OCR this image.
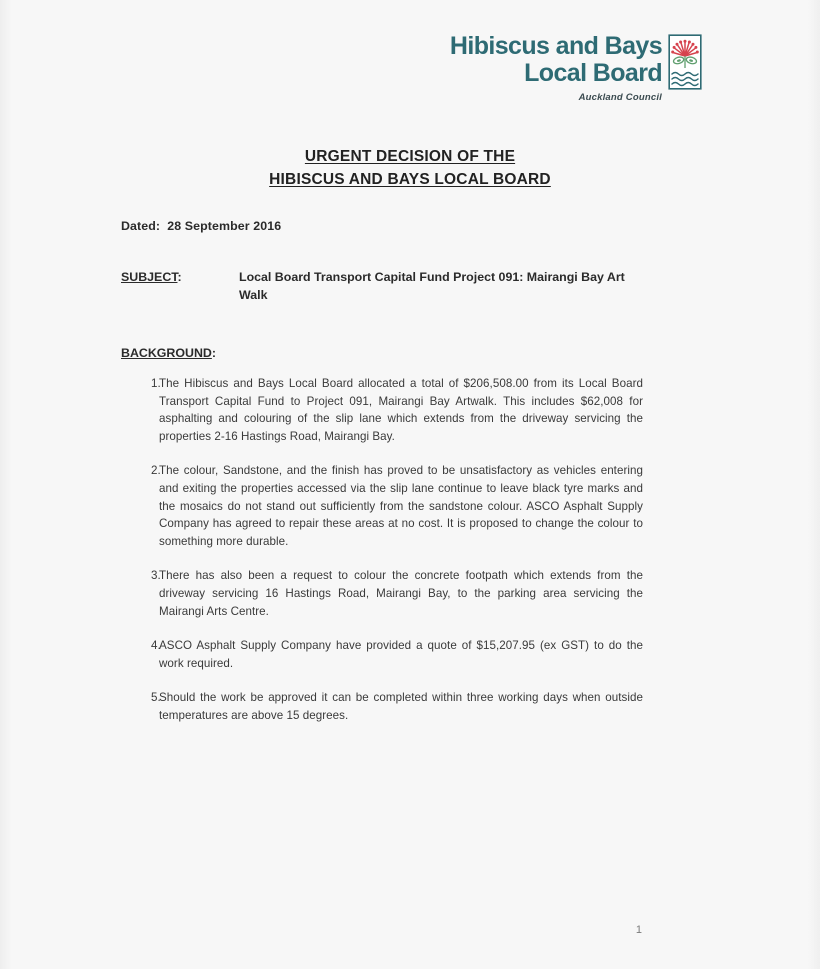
Hibiscus and Bays
Local Board
Auckland Council
URGENT DECISION OF THE
HIBISCUS AND BAYS LOCAL BOARD
Dated:  28 September 2016
SUBJECT:	Local Board Transport Capital Fund Project 091: Mairangi Bay Art Walk
BACKGROUND:
1.
The Hibiscus and Bays Local Board allocated a total of $206,508.00 from its Local Board Transport Capital Fund to Project 091, Mairangi Bay Artwalk. This includes $62,008 for asphalting and colouring of the slip lane which extends from the driveway servicing the properties 2-16 Hastings Road, Mairangi Bay.
2.
The colour, Sandstone, and the finish has proved to be unsatisfactory as vehicles entering and exiting the properties accessed via the slip lane continue to leave black tyre marks and the mosaics do not stand out sufficiently from the sandstone colour. ASCO Asphalt Supply Company has agreed to repair these areas at no cost. It is proposed to change the colour to something more durable.
3.
There has also been a request to colour the concrete footpath which extends from the driveway servicing 16 Hastings Road, Mairangi Bay, to the parking area servicing the Mairangi Arts Centre.
4.
ASCO Asphalt Supply Company have provided a quote of $15,207.95 (ex GST) to do the work required.
5.
Should the work be approved it can be completed within three working days when outside temperatures are above 15 degrees.
1
